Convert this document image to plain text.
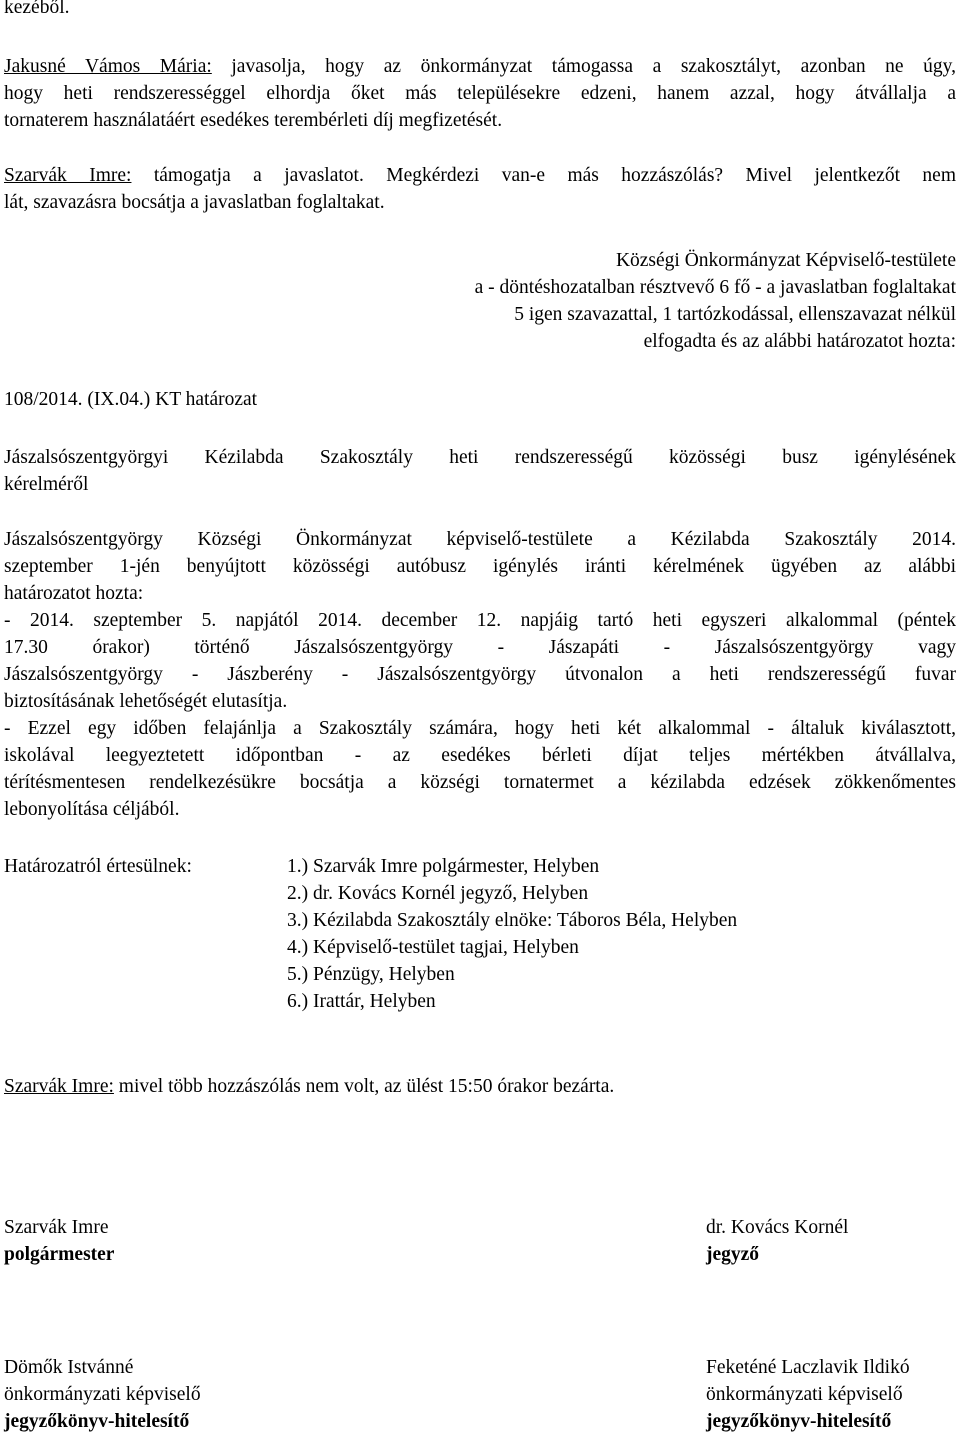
kezéből.
Jakusné Vámos Mária: javasolja, hogy az önkormányzat támogassa a szakosztályt, azonban ne úgy,
hogy heti rendszerességgel elhordja őket más településekre edzeni, hanem azzal, hogy átvállalja a
tornaterem használatáért esedékes terembérleti díj megfizetését.
Szarvák Imre: támogatja a javaslatot. Megkérdezi van-e más hozzászólás? Mivel jelentkezőt nem
lát, szavazásra bocsátja a javaslatban foglaltakat.
Községi Önkormányzat Képviselő-testülete
a - döntéshozatalban résztvevő 6 fő - a javaslatban foglaltakat
5 igen szavazattal, 1 tartózkodással, ellenszavazat nélkül
elfogadta és az alábbi határozatot hozta:
108/2014. (IX.04.) KT határozat
Jászalsószentgyörgyi Kézilabda Szakosztály heti rendszerességű közösségi busz igénylésének
kérelméről
Jászalsószentgyörgy Községi Önkormányzat képviselő-testülete a Kézilabda Szakosztály 2014.
szeptember 1-jén benyújtott közösségi autóbusz igénylés iránti kérelmének ügyében az alábbi
határozatot hozta:
- 2014. szeptember 5. napjától 2014. december 12. napjáig tartó heti egyszeri alkalommal (péntek
17.30 órakor) történő Jászalsószentgyörgy - Jászapáti - Jászalsószentgyörgy vagy
Jászalsószentgyörgy - Jászberény - Jászalsószentgyörgy útvonalon a heti rendszerességű fuvar
biztosításának lehetőségét elutasítja.
- Ezzel egy időben felajánlja a Szakosztály számára, hogy heti két alkalommal - általuk kiválasztott,
iskolával leegyeztetett időpontban - az esedékes bérleti díjat teljes mértékben átvállalva,
térítésmentesen rendelkezésükre bocsátja a községi tornatermet a kézilabda edzések zökkenőmentes
lebonyolítása céljából.
Határozatról értesülnek:	1.) Szarvák Imre polgármester, Helyben
2.) dr. Kovács Kornél jegyző, Helyben
3.) Kézilabda Szakosztály elnöke: Táboros Béla, Helyben
4.) Képviselő-testület tagjai, Helyben
5.) Pénzügy, Helyben
6.) Irattár, Helyben
Szarvák Imre: mivel több hozzászólás nem volt, az ülést 15:50 órakor bezárta.
Szarvák Imre
polgármester
dr. Kovács Kornél
jegyző
Dömők Istvánné
önkormányzati képviselő
jegyzőkönyv-hitelesítő
Feketéné Laczlavik Ildikó
önkormányzati képviselő
jegyzőkönyv-hitelesítő
